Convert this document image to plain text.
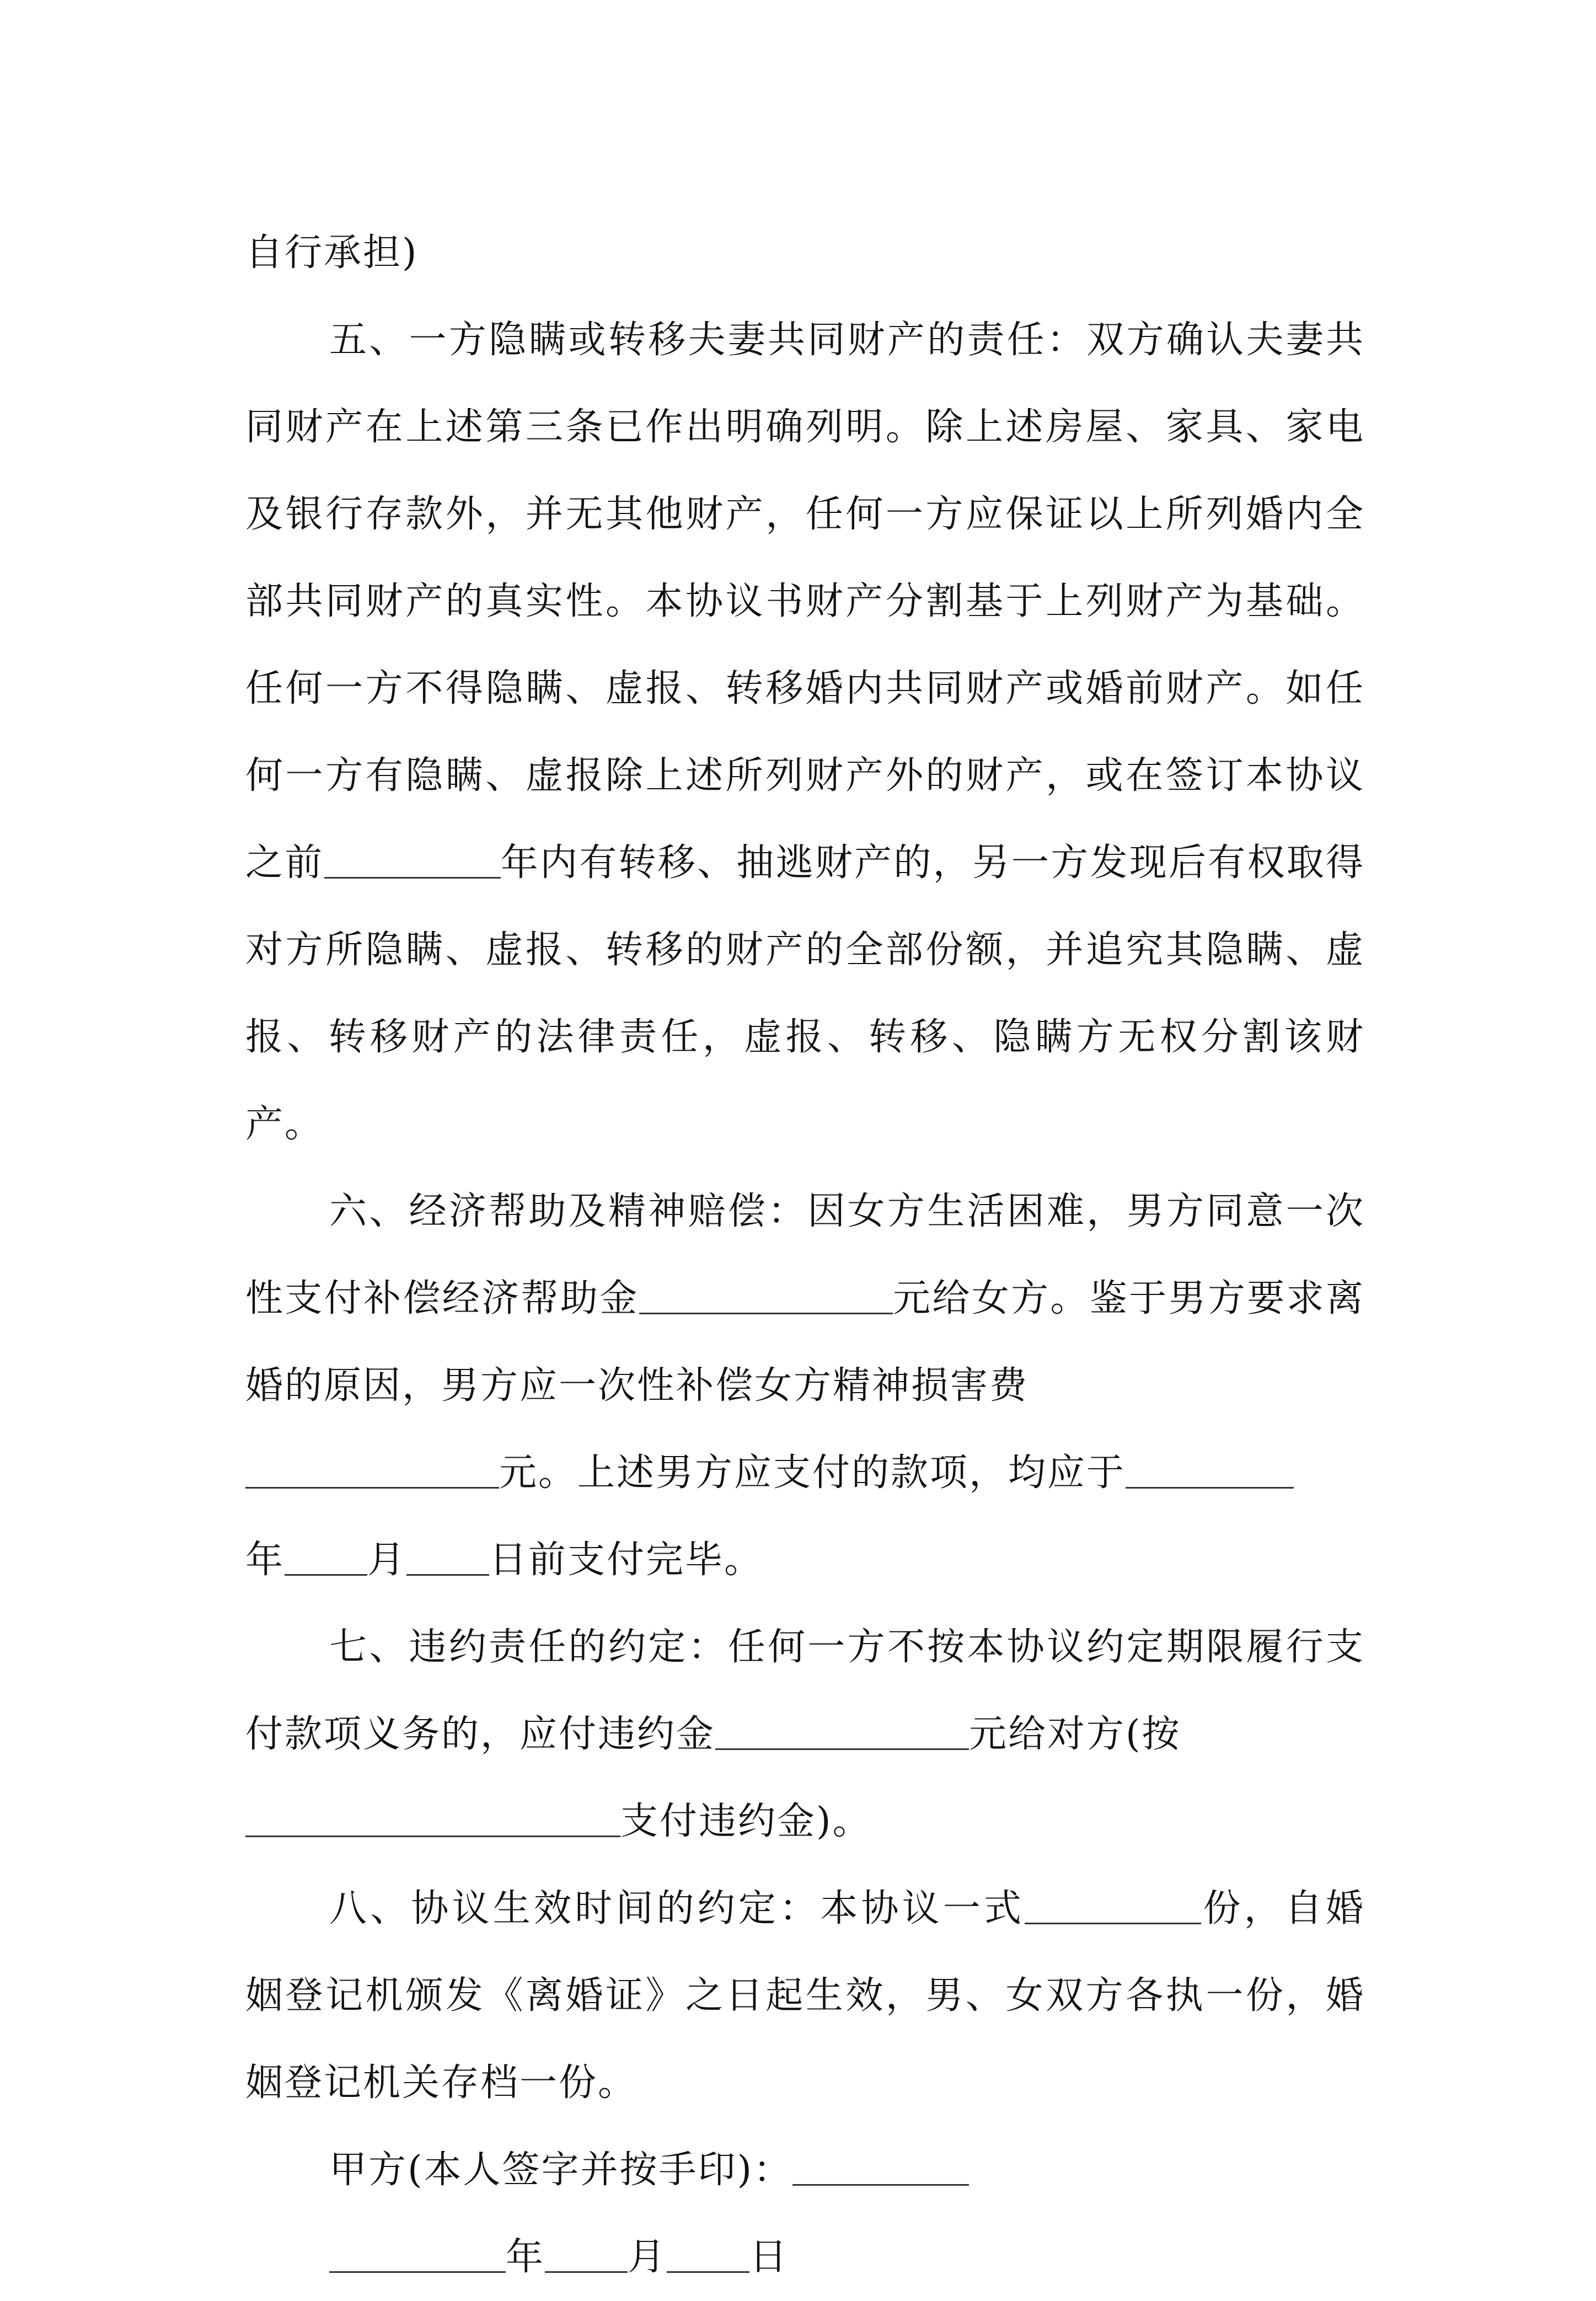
自行承担)

五、一方隐瞒或转移夫妻共同财产的责任：双方确认夫妻共同财产在上述第三条已作出明确列明。除上述房屋、家具、家电及银行存款外，并无其他财产，任何一方应保证以上所列婚内全部共同财产的真实性。本协议书财产分割基于上列财产为基础。任何一方不得隐瞒、虚报、转移婚内共同财产或婚前财产。如任何一方有隐瞒、虚报除上述所列财产外的财产，或在签订本协议之前	年内有转移、抽逃财产的，另一方发现后有权取得对方所隐瞒、虚报、转移的财产的全部份额，并追究其隐瞒、虚报、转移财产的法律责任，虚报、转移、隐瞒方无权分割该财产。

六、经济帮助及精神赔偿：因女方生活困难，男方同意一次性支付补偿经济帮助金	元给女方。鉴于男方要求离婚的原因，男方应一次性补偿女方精神损害费
元。上述男方应支付的款项，均应于
年 月 日前支付完毕。

七、违约责任的约定：任何一方不按本协议约定期限履行支付款项义务的，应付违约金	元给对方(按
支付违约金)。

八、协议生效时间的约定：本协议一式	份，自婚姻登记机颁发《离婚证》之日起生效，男、女双方各执一份，婚姻登记机关存档一份。

甲方(本人签字并按手印)：

年 月 日
